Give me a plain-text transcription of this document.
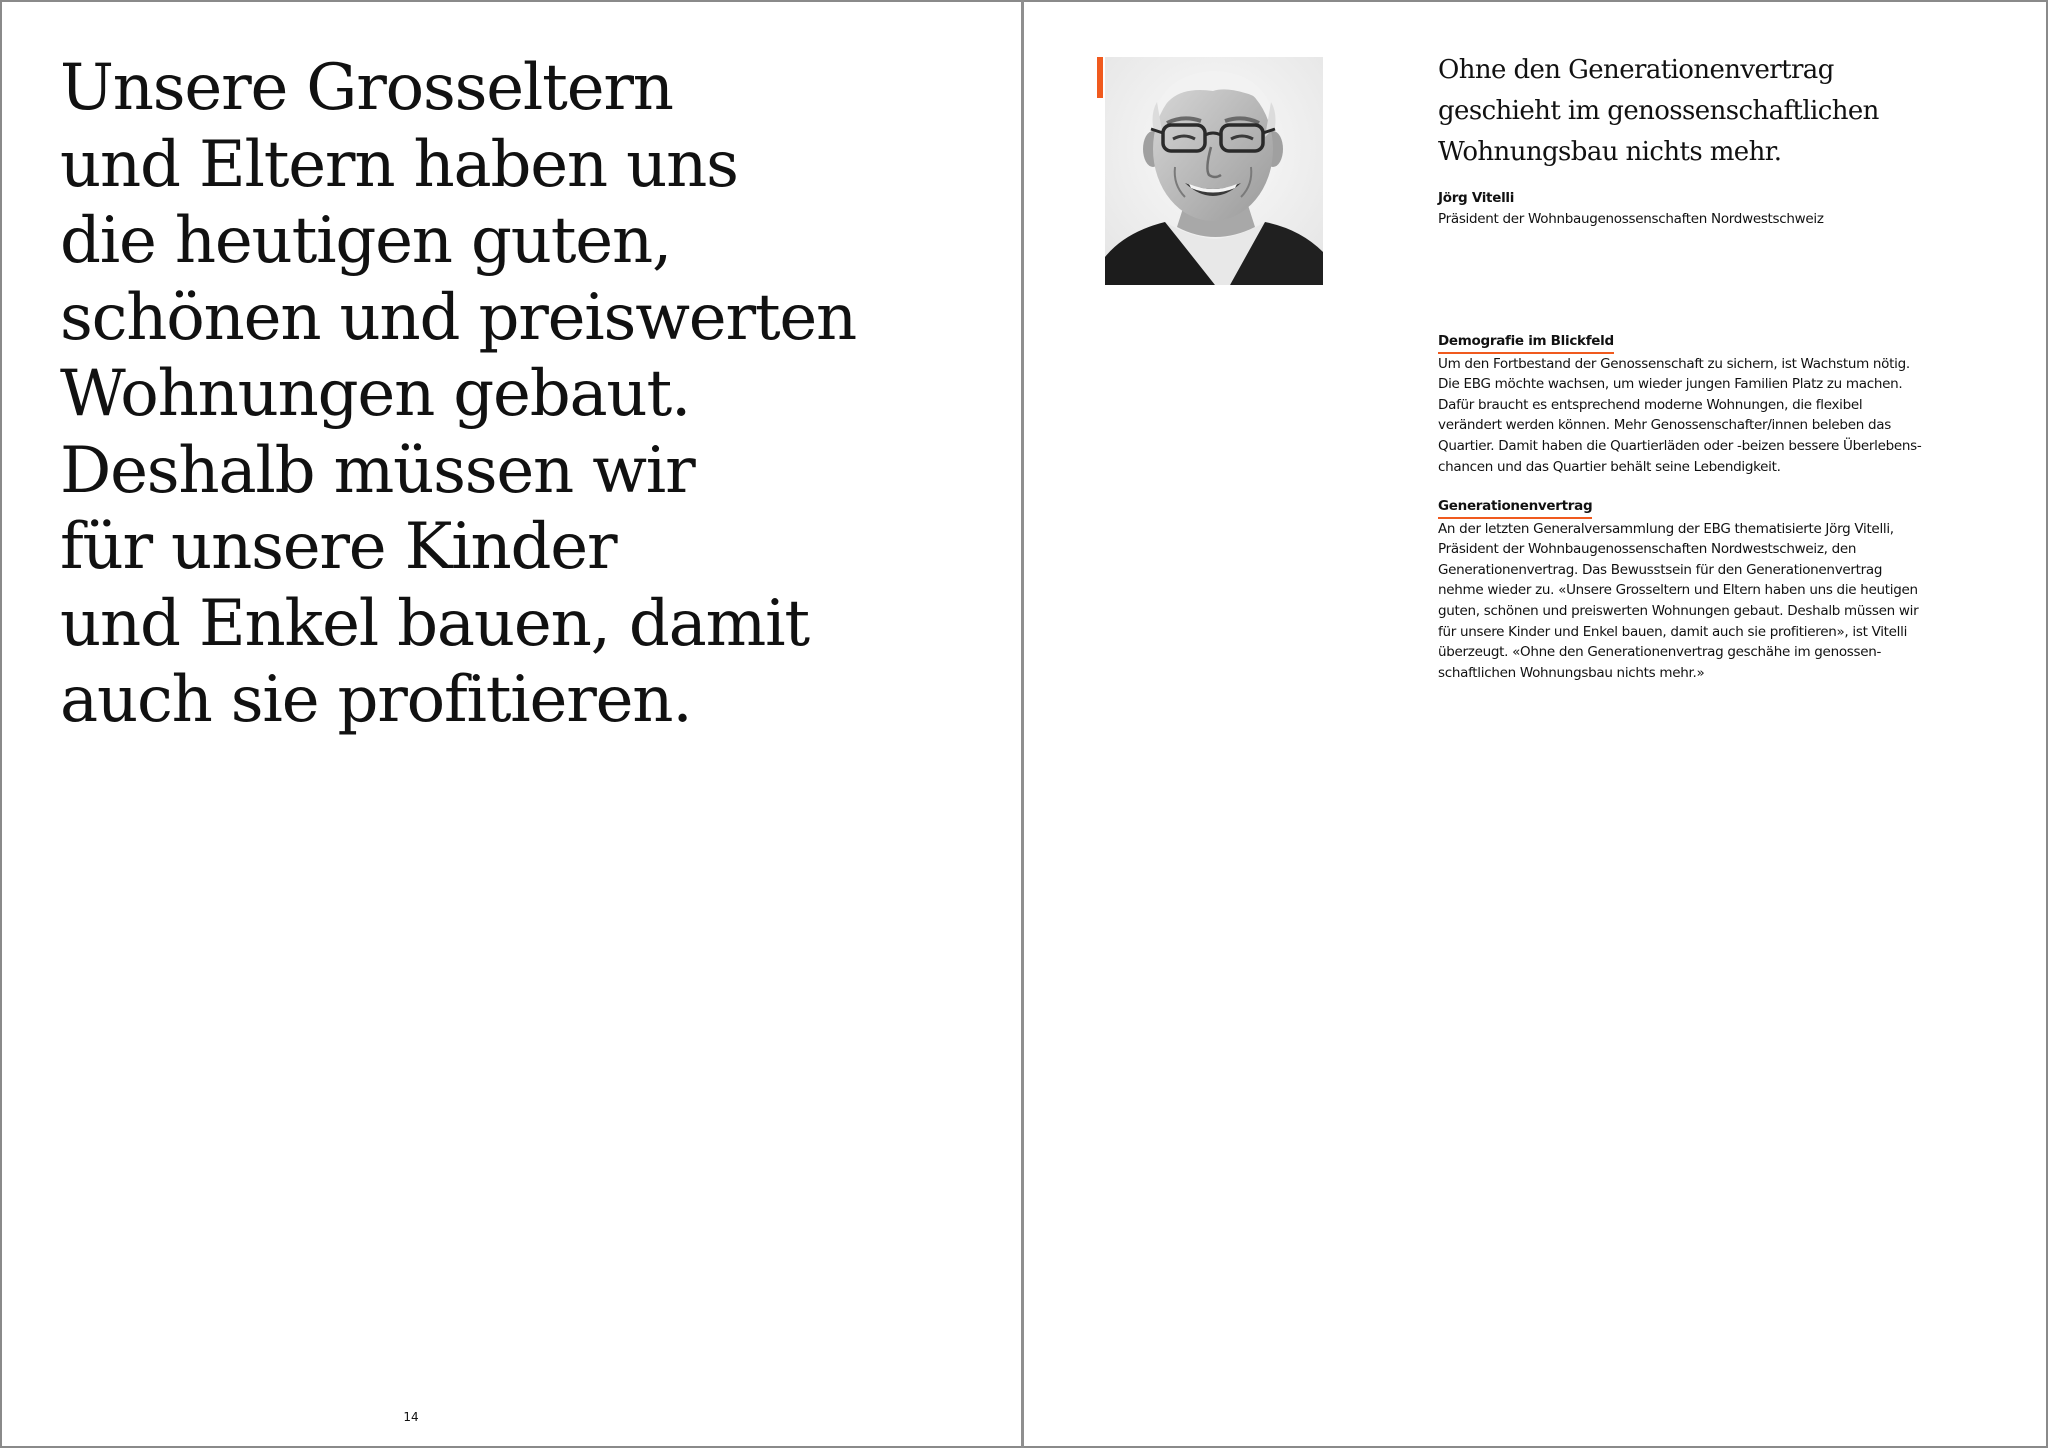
Unsere Grosseltern
und Eltern haben uns
die heutigen guten,
schönen und preiswerten
Wohnungen gebaut.
Deshalb müssen wir
für unsere Kinder
und Enkel bauen, damit
auch sie profitieren.
14
Ohne den Generationenvertrag
geschieht im genossenschaftlichen
Wohnungsbau nichts mehr.
Jörg Vitelli
Präsident der Wohnbaugenossenschaften Nordwestschweiz
Demografie im Blickfeld

Um den Fortbestand der Genossenschaft zu sichern, ist Wachstum nötig.
Die EBG möchte wachsen, um wieder jungen Familien Platz zu machen.
Dafür braucht es entsprechend moderne Wohnungen, die flexibel
verändert werden können. Mehr Genossenschafter/innen beleben das
Quartier. Damit haben die Quartierläden oder -beizen bessere Überlebens-
chancen und das Quartier behält seine Lebendigkeit.

Generationenvertrag

An der letzten Generalversammlung der EBG thematisierte Jörg Vitelli,
Präsident der Wohnbaugenossenschaften Nordwestschweiz, den
Generationenvertrag. Das Bewusstsein für den Generationenvertrag
nehme wieder zu. «Unsere Grosseltern und Eltern haben uns die heutigen
guten, schönen und preiswerten Wohnungen gebaut. Deshalb müssen wir
für unsere Kinder und Enkel bauen, damit auch sie profitieren», ist Vitelli
überzeugt. «Ohne den Generationenvertrag geschähe im genossen-
schaftlichen Wohnungsbau nichts mehr.»
